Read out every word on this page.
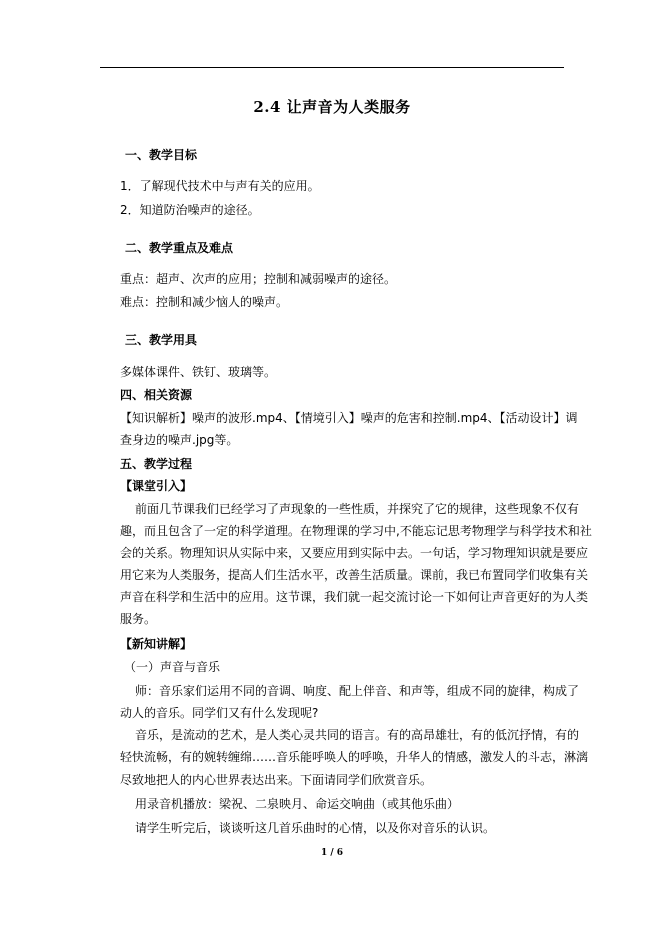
2.4 让声音为人类服务
一、教学目标
1．了解现代技术中与声有关的应用。
2．知道防治噪声的途径。
二、教学重点及难点
重点：超声、次声的应用；控制和减弱噪声的途径。
难点：控制和减少恼人的噪声。
三、教学用具
多媒体课件、铁钉、玻璃等。
四、相关资源
【知识解析】噪声的波形.mp4、【情境引入】噪声的危害和控制.mp4、【活动设计】调
查身边的噪声.jpg等。
五、教学过程
【课堂引入】
前面几节课我们已经学习了声现象的一些性质，并探究了它的规律，这些现象不仅有
趣，而且包含了一定的科学道理。在物理课的学习中,不能忘记思考物理学与科学技术和社
会的关系。物理知识从实际中来，又要应用到实际中去。一句话，学习物理知识就是要应
用它来为人类服务，提高人们生活水平，改善生活质量。课前，我已布置同学们收集有关
声音在科学和生活中的应用。这节课，我们就一起交流讨论一下如何让声音更好的为人类
服务。
【新知讲解】
（一）声音与音乐
师：音乐家们运用不同的音调、响度、配上伴音、和声等，组成不同的旋律，构成了
动人的音乐。同学们又有什么发现呢?
音乐，是流动的艺术，是人类心灵共同的语言。有的高昂雄壮，有的低沉抒情，有的
轻快流畅，有的婉转缠绵……音乐能呼唤人的呼唤，升华人的情感，激发人的斗志，淋漓
尽致地把人的内心世界表达出来。下面请同学们欣赏音乐。
用录音机播放：梁祝、二泉映月、命运交响曲（或其他乐曲）
请学生听完后，谈谈听这几首乐曲时的心情，以及你对音乐的认识。
1 / 6
